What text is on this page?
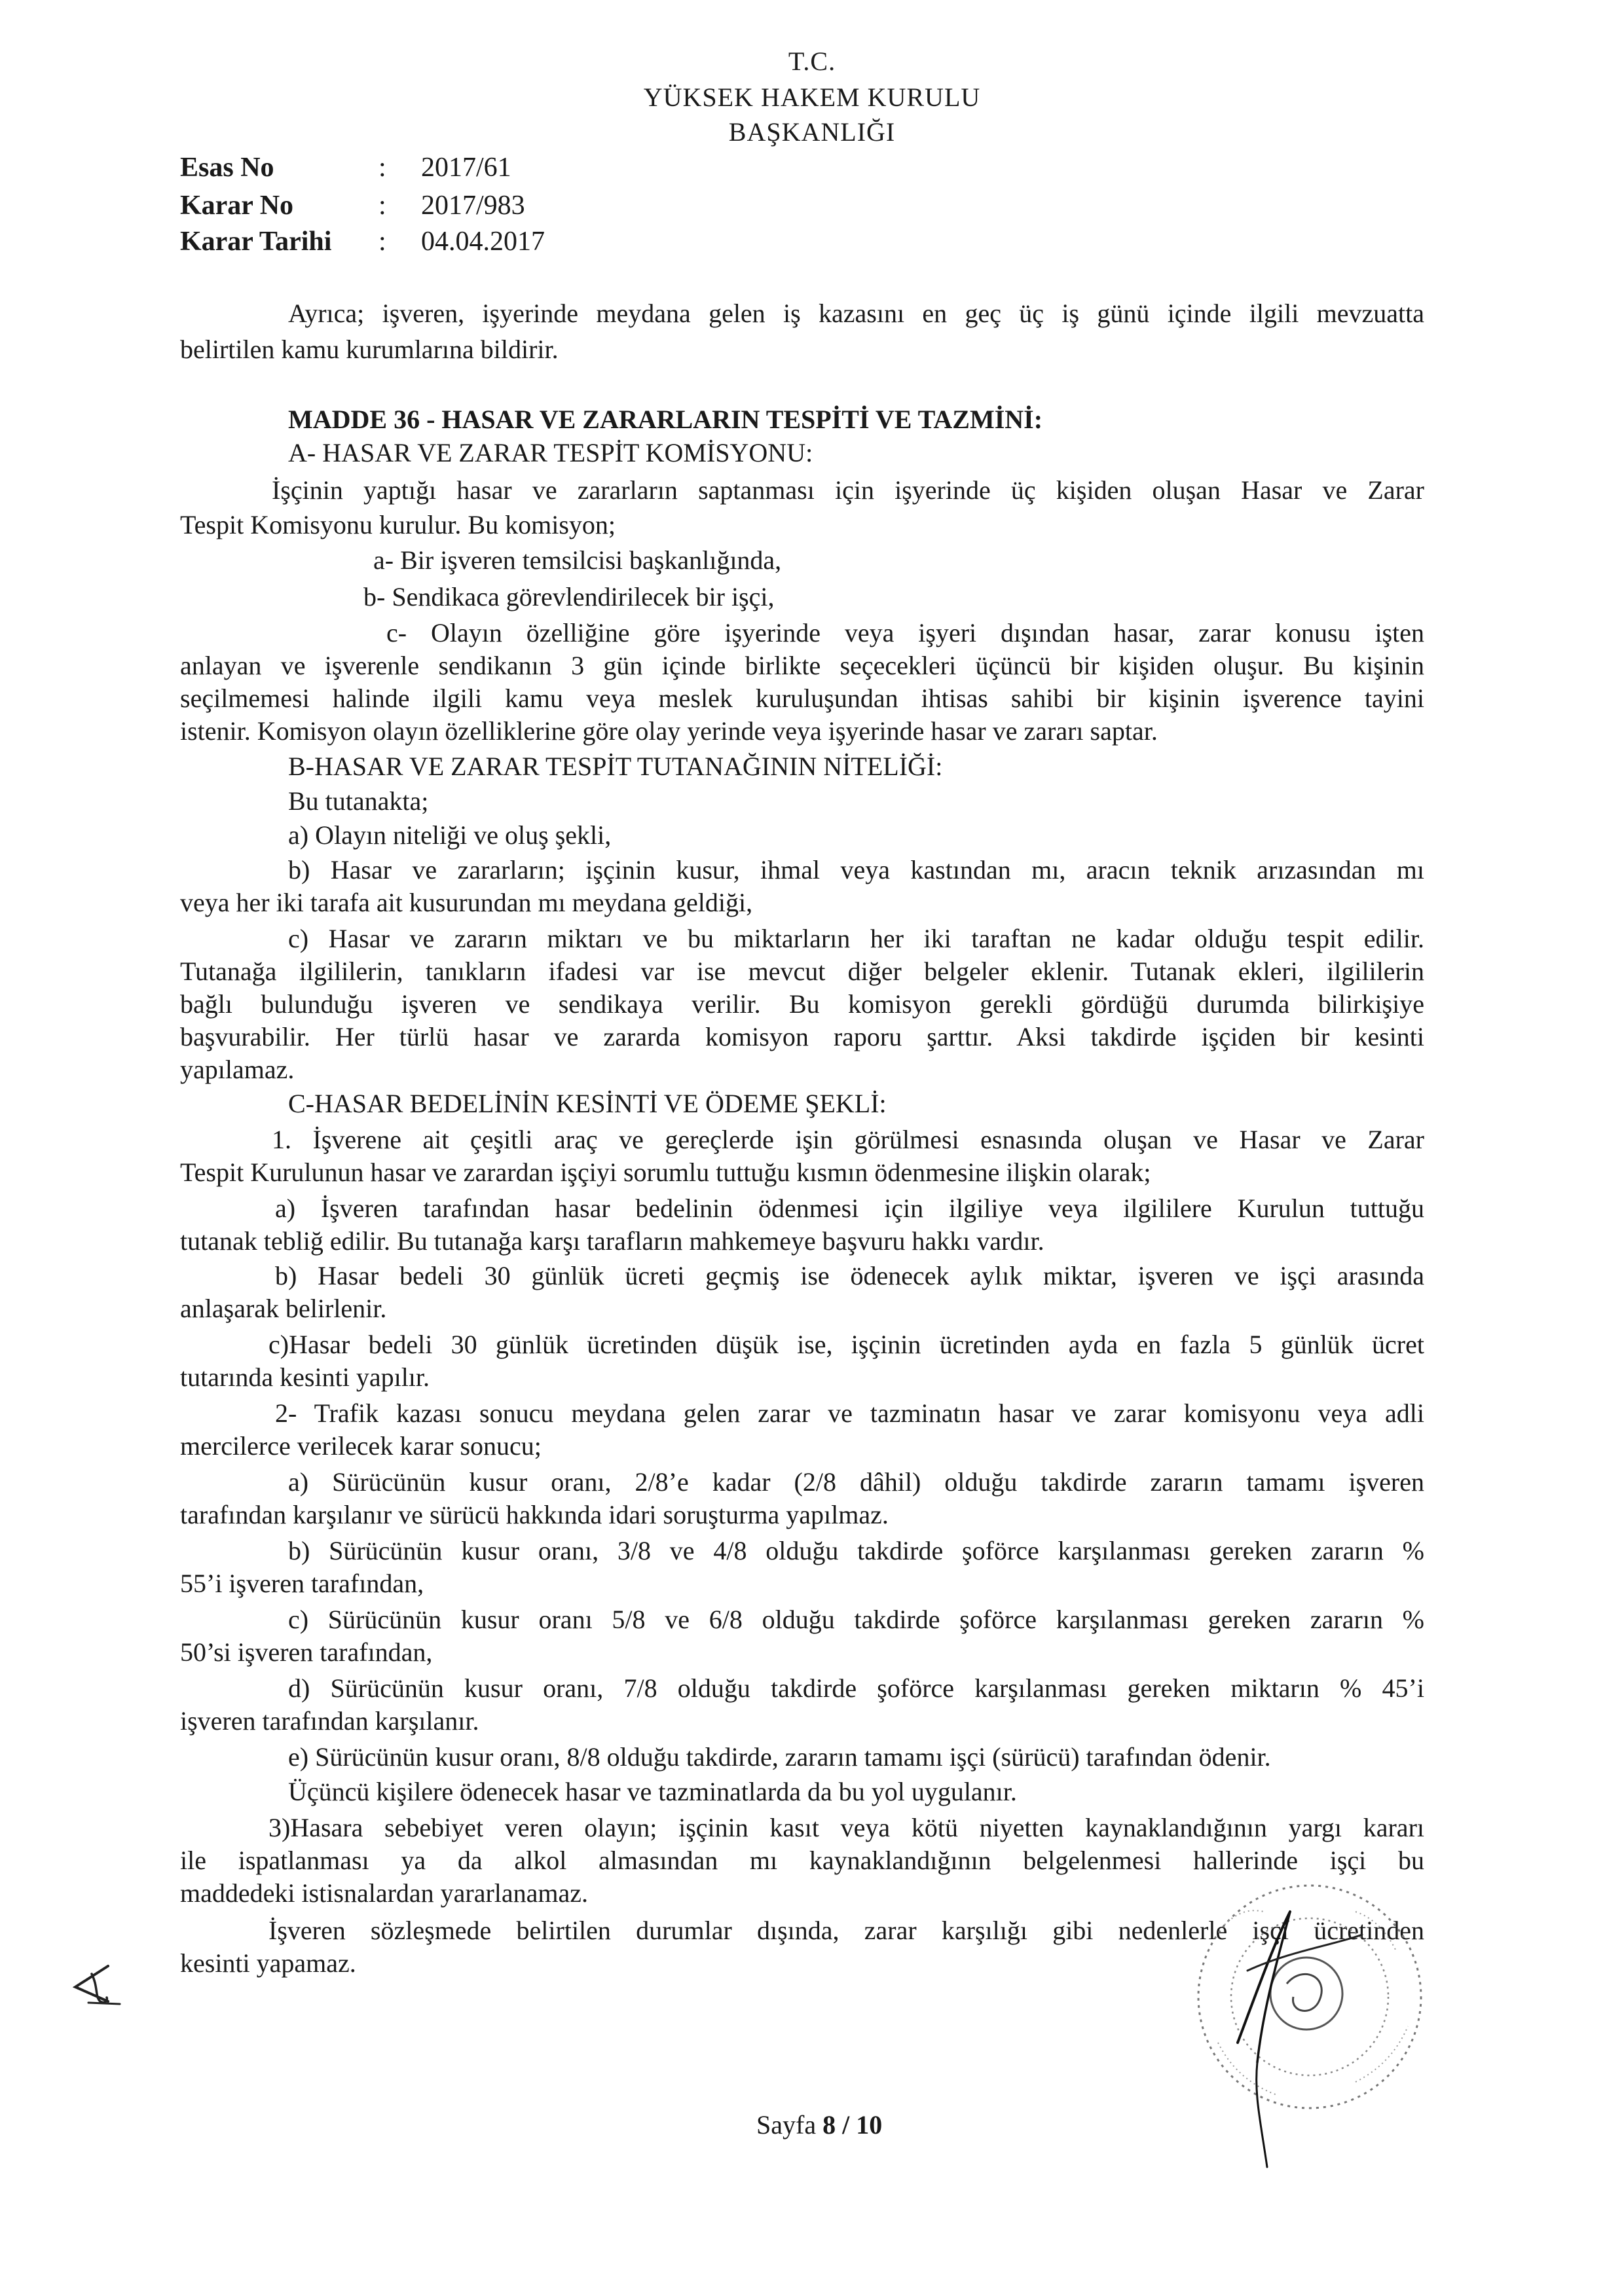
T.C.
YÜKSEK HAKEM KURULU
BAŞKANLIĞI
Esas No	: 2017/61
Karar No	: 2017/983
Karar Tarihi : 04.04.2017
Ayrıca; işveren, işyerinde meydana gelen iş kazasını en geç üç iş günü içinde ilgili mevzuatta
belirtilen kamu kurumlarına bildirir.
MADDE 36 - HASAR VE ZARARLARIN TESPİTİ VE TAZMİNİ:
A- HASAR VE ZARAR TESPİT KOMİSYONU:
İşçinin yaptığı hasar ve zararların saptanması için işyerinde üç kişiden oluşan Hasar ve Zarar
Tespit Komisyonu kurulur. Bu komisyon;
a- Bir işveren temsilcisi başkanlığında,
b- Sendikaca görevlendirilecek bir işçi,
c- Olayın özelliğine göre işyerinde veya işyeri dışından hasar, zarar konusu işten
anlayan ve işverenle sendikanın 3 gün içinde birlikte seçecekleri üçüncü bir kişiden oluşur. Bu kişinin
seçilmemesi halinde ilgili kamu veya meslek kuruluşundan ihtisas sahibi bir kişinin işverence tayini
istenir. Komisyon olayın özelliklerine göre olay yerinde veya işyerinde hasar ve zararı saptar.
B-HASAR VE ZARAR TESPİT TUTANAĞININ NİTELİĞİ:
Bu tutanakta;
a) Olayın niteliği ve oluş şekli,
b) Hasar ve zararların; işçinin kusur, ihmal veya kastından mı, aracın teknik arızasından mı
veya her iki tarafa ait kusurundan mı meydana geldiği,
c) Hasar ve zararın miktarı ve bu miktarların her iki taraftan ne kadar olduğu tespit edilir.
Tutanağa ilgililerin, tanıkların ifadesi var ise mevcut diğer belgeler eklenir. Tutanak ekleri, ilgililerin
bağlı bulunduğu işveren ve sendikaya verilir. Bu komisyon gerekli gördüğü durumda bilirkişiye
başvurabilir. Her türlü hasar ve zararda komisyon raporu şarttır. Aksi takdirde işçiden bir kesinti
yapılamaz.
C-HASAR BEDELİNİN KESİNTİ VE ÖDEME ŞEKLİ:
1. İşverene ait çeşitli araç ve gereçlerde işin görülmesi esnasında oluşan ve Hasar ve Zarar
Tespit Kurulunun hasar ve zarardan işçiyi sorumlu tuttuğu kısmın ödenmesine ilişkin olarak;
a) İşveren tarafından hasar bedelinin ödenmesi için ilgiliye veya ilgililere Kurulun tuttuğu
tutanak tebliğ edilir. Bu tutanağa karşı tarafların mahkemeye başvuru hakkı vardır.
b) Hasar bedeli 30 günlük ücreti geçmiş ise ödenecek aylık miktar, işveren ve işçi arasında
anlaşarak belirlenir.
c)Hasar bedeli 30 günlük ücretinden düşük ise, işçinin ücretinden ayda en fazla 5 günlük ücret
tutarında kesinti yapılır.
2- Trafik kazası sonucu meydana gelen zarar ve tazminatın hasar ve zarar komisyonu veya adli
mercilerce verilecek karar sonucu;
a) Sürücünün kusur oranı, 2/8’e kadar (2/8 dâhil) olduğu takdirde zararın tamamı işveren
tarafından karşılanır ve sürücü hakkında idari soruşturma yapılmaz.
b) Sürücünün kusur oranı, 3/8 ve 4/8 olduğu takdirde şoförce karşılanması gereken zararın %
55’i işveren tarafından,
c) Sürücünün kusur oranı 5/8 ve 6/8 olduğu takdirde şoförce karşılanması gereken zararın %
50’si işveren tarafından,
d) Sürücünün kusur oranı, 7/8 olduğu takdirde şoförce karşılanması gereken miktarın % 45’i
işveren tarafından karşılanır.
e) Sürücünün kusur oranı, 8/8 olduğu takdirde, zararın tamamı işçi (sürücü) tarafından ödenir.
Üçüncü kişilere ödenecek hasar ve tazminatlarda da bu yol uygulanır.
3)Hasara sebebiyet veren olayın; işçinin kasıt veya kötü niyetten kaynaklandığının yargı kararı
ile ispatlanması ya da alkol almasından mı kaynaklandığının belgelenmesi hallerinde işçi bu
maddedeki istisnalardan yararlanamaz.
İşveren sözleşmede belirtilen durumlar dışında, zarar karşılığı gibi nedenlerle işçi ücretinden
kesinti yapamaz.
Sayfa 8 / 10
